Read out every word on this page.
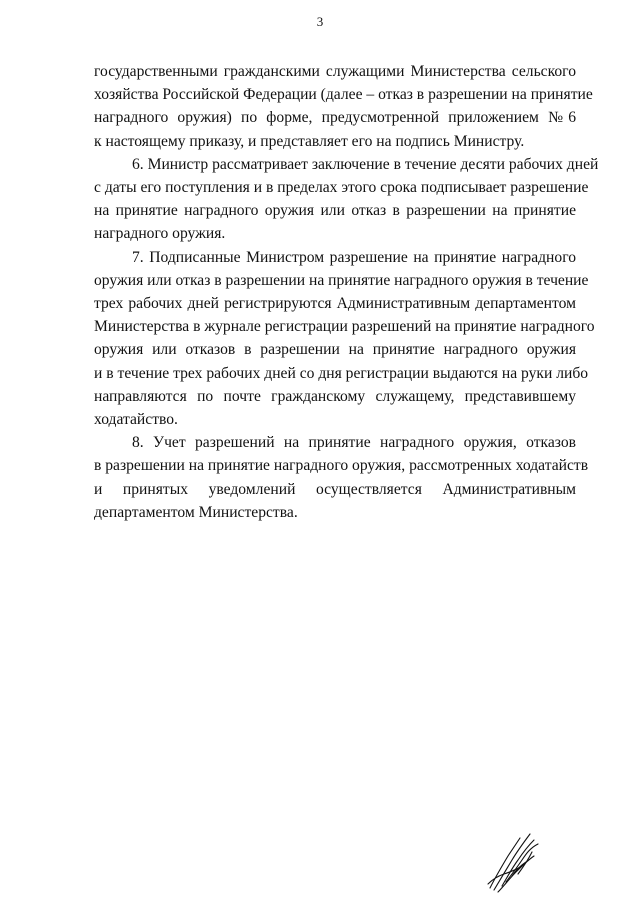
3
государственными гражданскими служащими Министерства сельского
хозяйства Российской Федерации (далее – отказ в разрешении на принятие
наградного оружия) по форме, предусмотренной приложением №6
к настоящему приказу, и представляет его на подпись Министру.
6. Министр рассматривает заключение в течение десяти рабочих дней
с даты его поступления и в пределах этого срока подписывает разрешение
на принятие наградного оружия или отказ в разрешении на принятие
наградного оружия.
7. Подписанные Министром разрешение на принятие наградного
оружия или отказ в разрешении на принятие наградного оружия в течение
трех рабочих дней регистрируются Административным департаментом
Министерства в журнале регистрации разрешений на принятие наградного
оружия или отказов в разрешении на принятие наградного оружия
и в течение трех рабочих дней со дня регистрации выдаются на руки либо
направляются по почте гражданскому служащему, представившему
ходатайство.
8. Учет разрешений на принятие наградного оружия, отказов
в разрешении на принятие наградного оружия, рассмотренных ходатайств
и принятых уведомлений осуществляется Административным
департаментом Министерства.
